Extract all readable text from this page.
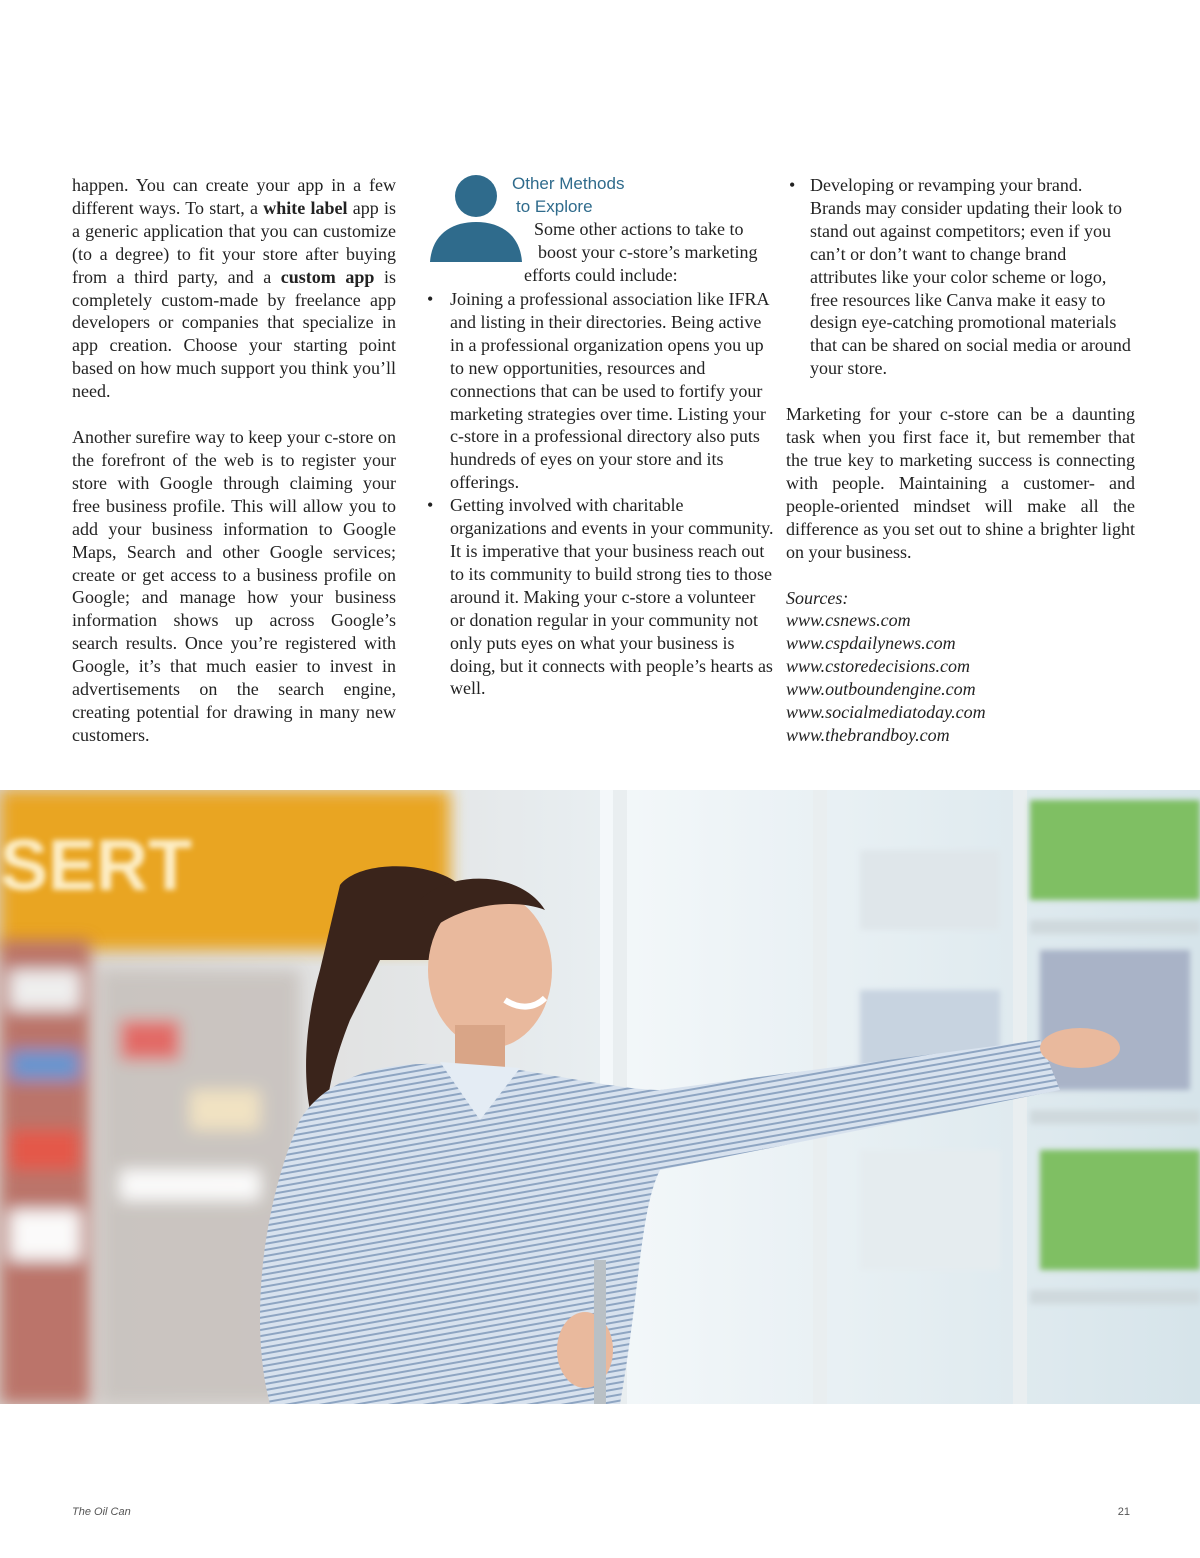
happen. You can create your app in a few different ways. To start, a white label app is a generic application that you can customize (to a degree) to fit your store after buying from a third party, and a custom app is completely custom-made by freelance app developers or companies that specialize in app creation. Choose your starting point based on how much support you think you’ll need.

Another surefire way to keep your c-store on the forefront of the web is to register your store with Google through claiming your free business profile. This will allow you to add your business information to Google Maps, Search and other Google services; create or get access to a business profile on Google; and manage how your business information shows up across Google’s search results. Once you’re registered with Google, it’s that much easier to invest in advertisements on the search engine, creating potential for drawing in many new customers.

Other Methods
to Explore
Some other actions to take to
boost your c-store’s marketing
efforts could include:
• Joining a professional association like IFRA and listing in their directories. Being active in a professional organization opens you up to new opportunities, resources and connections that can be used to fortify your marketing strategies over time. Listing your c-store in a professional directory also puts hundreds of eyes on your store and its offerings.
• Getting involved with charitable organizations and events in your community. It is imperative that your business reach out to its community to build strong ties to those around it. Making your c-store a volunteer or donation regular in your community not only puts eyes on what your business is doing, but it connects with people’s hearts as well.
• Developing or revamping your brand. Brands may consider updating their look to stand out against competitors; even if you can’t or don’t want to change brand attributes like your color scheme or logo, free resources like Canva make it easy to design eye-catching promotional materials that can be shared on social media or around your store.

Marketing for your c-store can be a daunting task when you first face it, but remember that the true key to marketing success is connecting with people. Maintaining a customer- and people-oriented mindset will make all the difference as you set out to shine a brighter light on your business.

Sources:
www.csnews.com
www.cspdailynews.com
www.cstoredecisions.com
www.outboundengine.com
www.socialmediatoday.com
www.thebrandboy.com
SERT
The Oil Can	21
